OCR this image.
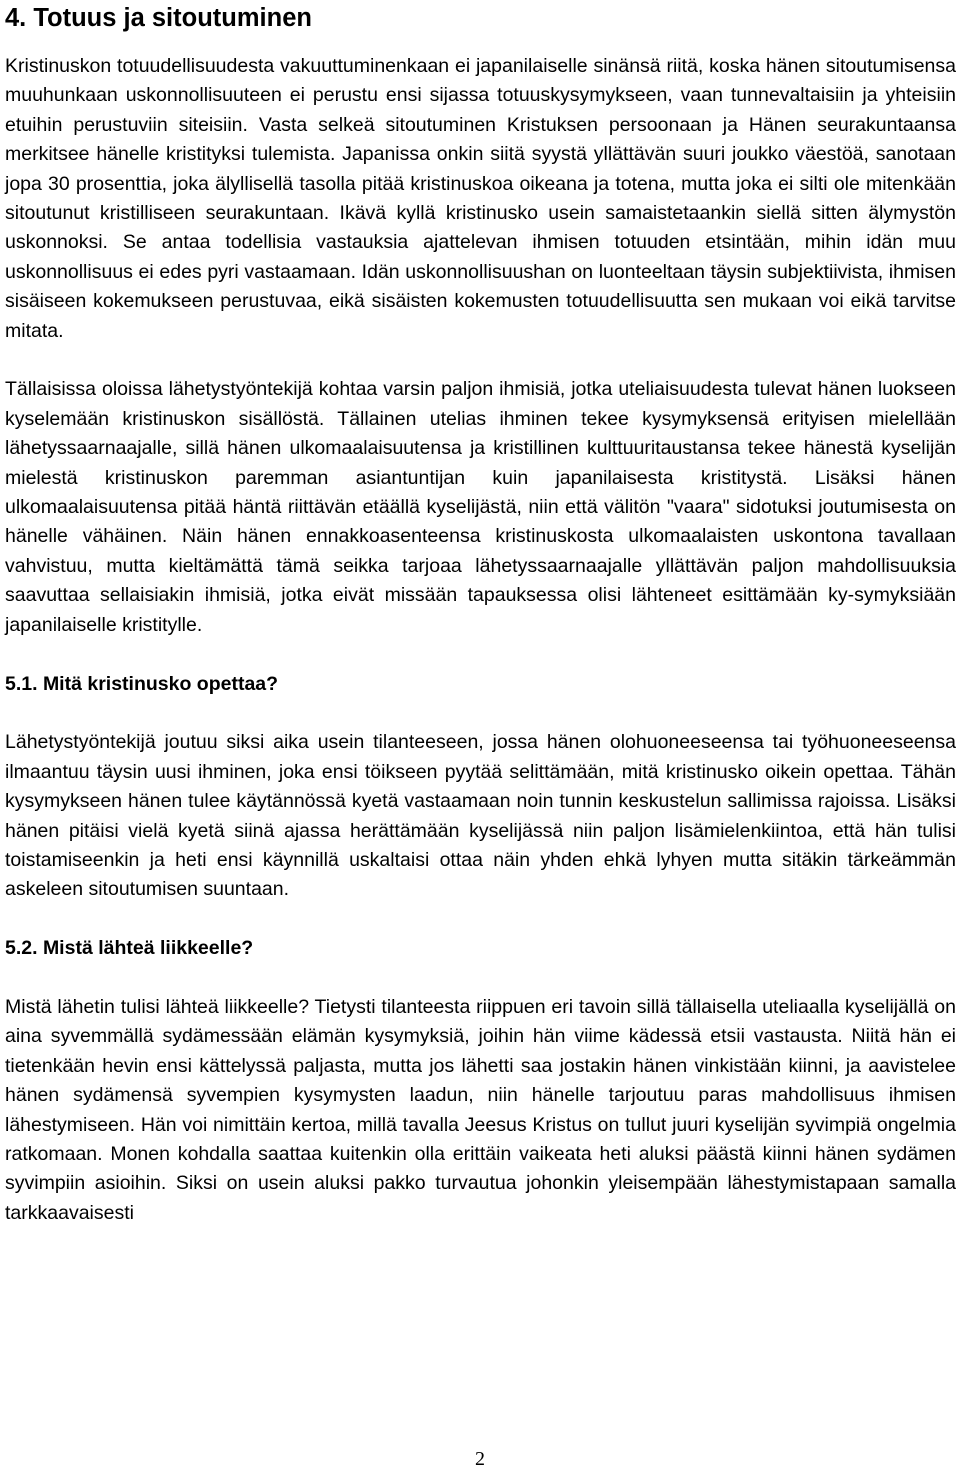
4. Totuus ja sitoutuminen

Kristinuskon totuudellisuudesta vakuuttuminenkaan ei japanilaiselle sinänsä riitä, koska hänen sitoutumisensa muuhunkaan uskonnollisuuteen ei perustu ensi sijassa totuuskysymykseen, vaan tunnevaltaisiin ja yhteisiin etuihin perustuviin siteisiin. Vasta selkeä sitoutuminen Kristuksen persoonaan ja Hänen seurakuntaansa merkitsee hänelle kristityksi tulemista. Japanissa onkin siitä syystä yllättävän suuri joukko väestöä, sanotaan jopa 30 prosenttia, joka älyllisellä tasolla pitää kristinuskoa oikeana ja totena, mutta joka ei silti ole mitenkään sitoutunut kristilliseen seurakuntaan. Ikävä kyllä kristinusko usein samaistetaankin siellä sitten älymystön uskonnoksi. Se antaa todellisia vastauksia ajattelevan ihmisen totuuden etsintään, mihin idän muu uskonnollisuus ei edes pyri vastaamaan. Idän uskonnollisuushan on luonteeltaan täysin subjektiivista, ihmisen sisäiseen kokemukseen perustuvaa, eikä sisäisten kokemusten totuudellisuutta sen mukaan voi eikä tarvitse mitata.

Tällaisissa oloissa lähetystyöntekijä kohtaa varsin paljon ihmisiä, jotka uteliaisuudesta tulevat hänen luokseen kyselemään kristinuskon sisällöstä. Tällainen utelias ihminen tekee kysymyksensä erityisen mielellään lähetyssaarnaajalle, sillä hänen ulkomaalaisuutensa ja kristillinen kulttuuritaustansa tekee hänestä kyselijän mielestä kristinuskon paremman asiantuntijan kuin japanilaisesta kristitystä. Lisäksi hänen ulkomaalaisuutensa pitää häntä riittävän etäällä kyselijästä, niin että välitön "vaara" sidotuksi joutumisesta on hänelle vähäinen. Näin hänen ennakkoasenteensa kristinuskosta ulkomaalaisten uskontona tavallaan vahvistuu, mutta kieltämättä tämä seikka tarjoaa lähetyssaarnaajalle yllättävän paljon mahdollisuuksia saavuttaa sellaisiakin ihmisiä, jotka eivät missään tapauksessa olisi lähteneet esittämään ky-symyksiään japanilaiselle kristitylle.

5.1. Mitä kristinusko opettaa?

Lähetystyöntekijä joutuu siksi aika usein tilanteeseen, jossa hänen olohuoneeseensa tai työhuoneeseensa ilmaantuu täysin uusi ihminen, joka ensi töikseen pyytää selittämään, mitä kristinusko oikein opettaa. Tähän kysymykseen hänen tulee käytännössä kyetä vastaamaan noin tunnin keskustelun sallimissa rajoissa. Lisäksi hänen pitäisi vielä kyetä siinä ajassa herättämään kyselijässä niin paljon lisämielenkiintoa, että hän tulisi toistamiseenkin ja heti ensi käynnillä uskaltaisi ottaa näin yhden ehkä lyhyen mutta sitäkin tärkeämmän askeleen sitoutumisen suuntaan.

5.2. Mistä lähteä liikkeelle?

Mistä lähetin tulisi lähteä liikkeelle? Tietysti tilanteesta riippuen eri tavoin sillä tällaisella uteliaalla kyselijällä on aina syvemmällä sydämessään elämän kysymyksiä, joihin hän viime kädessä etsii vastausta. Niitä hän ei tietenkään hevin ensi kättelyssä paljasta, mutta jos lähetti saa jostakin hänen vinkistään kiinni, ja aavistelee hänen sydämensä syvempien kysymysten laadun, niin hänelle tarjoutuu paras mahdollisuus ihmisen lähestymiseen. Hän voi nimittäin kertoa, millä tavalla Jeesus Kristus on tullut juuri kyselijän syvimpiä ongelmia ratkomaan. Monen kohdalla saattaa kuitenkin olla erittäin vaikeata heti aluksi päästä kiinni hänen sydämen syvimpiin asioihin. Siksi on usein aluksi pakko turvautua johonkin yleisempään lähestymistapaan samalla tarkkaavaisesti

2
